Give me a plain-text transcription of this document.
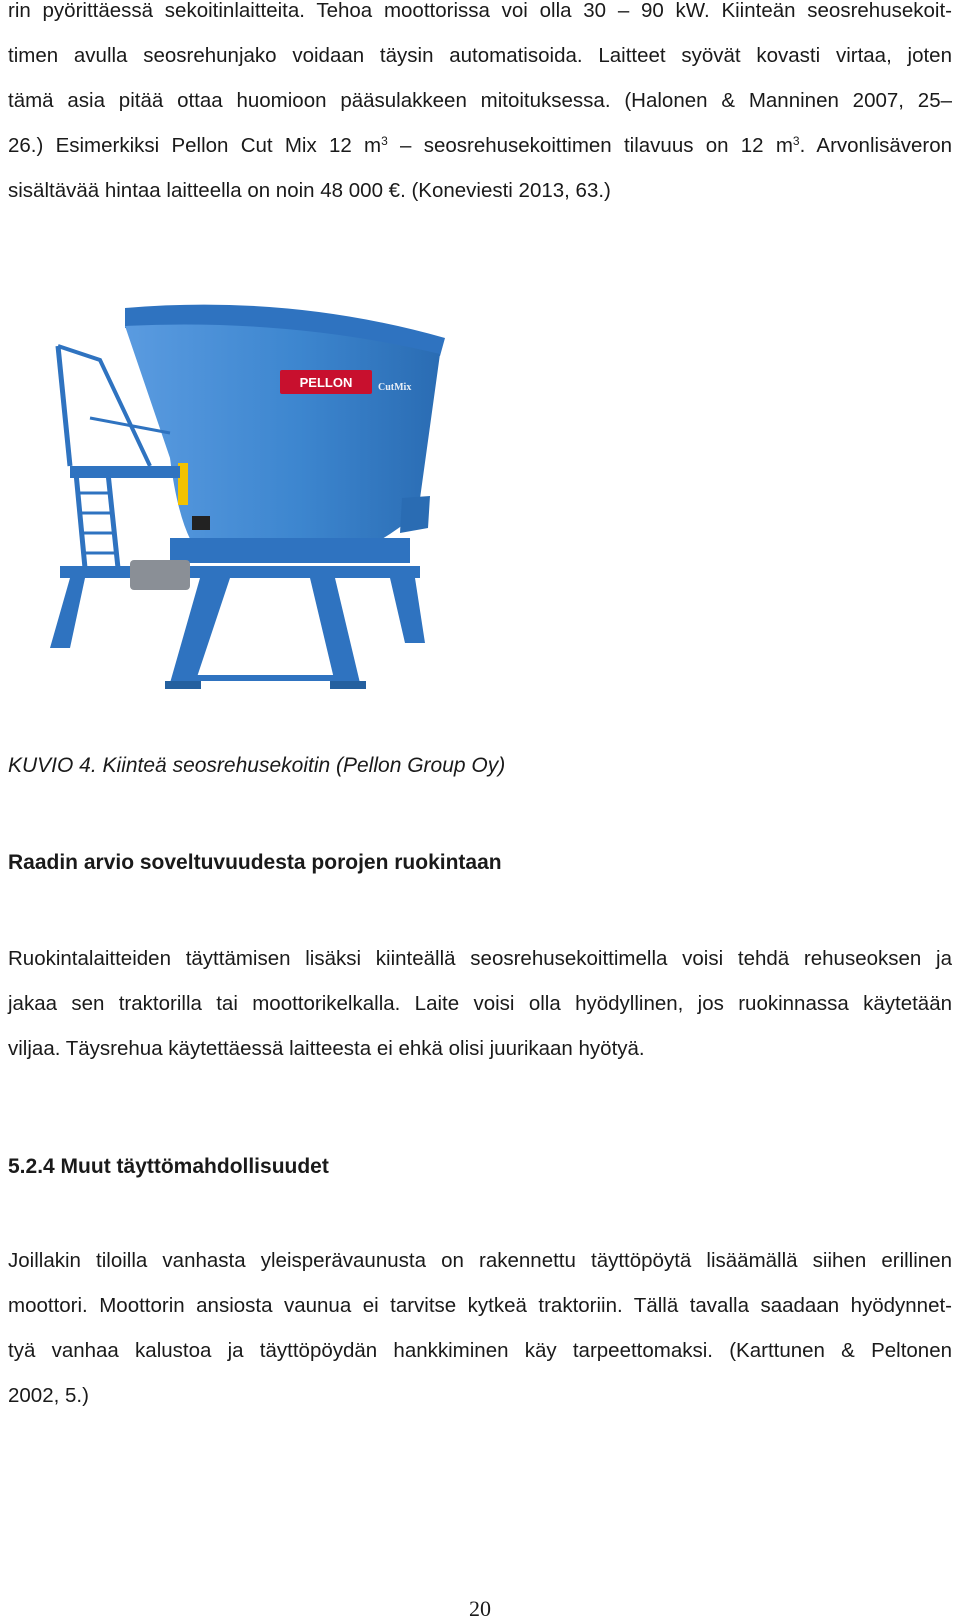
rin pyörittäessä sekoitinlaitteita. Tehoa moottorissa voi olla 30 – 90 kW. Kiinteän seosrehusekoit-

timen avulla seosrehunjako voidaan täysin automatisoida. Laitteet syövät kovasti virtaa, joten

tämä asia pitää ottaa huomioon pääsulakkeen mitoituksessa. (Halonen & Manninen 2007, 25–

26.) Esimerkiksi Pellon Cut Mix 12 $m^3$ – seosrehusekoittimen tilavuus on 12 $m^3$. Arvonlisäveron

sisältävää hintaa laitteella on noin 48 000 €. (Koneviesti 2013, 63.)

PELLON	CutMix
KUVIO 4. Kiinteä seosrehusekoitin (Pellon Group Oy)
Raadin arvio soveltuvuudesta porojen ruokintaan

Ruokintalaitteiden täyttämisen lisäksi kiinteällä seosrehusekoittimella voisi tehdä rehuseoksen ja

jakaa sen traktorilla tai moottorikelkalla. Laite voisi olla hyödyllinen, jos ruokinnassa käytetään

viljaa. Täysrehua käytettäessä laitteesta ei ehkä olisi juurikaan hyötyä.

5.2.4 Muut täyttömahdollisuudet

Joillakin tiloilla vanhasta yleisperävaunusta on rakennettu täyttöpöytä lisäämällä siihen erillinen

moottori. Moottorin ansiosta vaunua ei tarvitse kytkeä traktoriin. Tällä tavalla saadaan hyödynnet-

tyä vanhaa kalustoa ja täyttöpöydän hankkiminen käy tarpeettomaksi. (Karttunen & Peltonen

2002, 5.)

20
